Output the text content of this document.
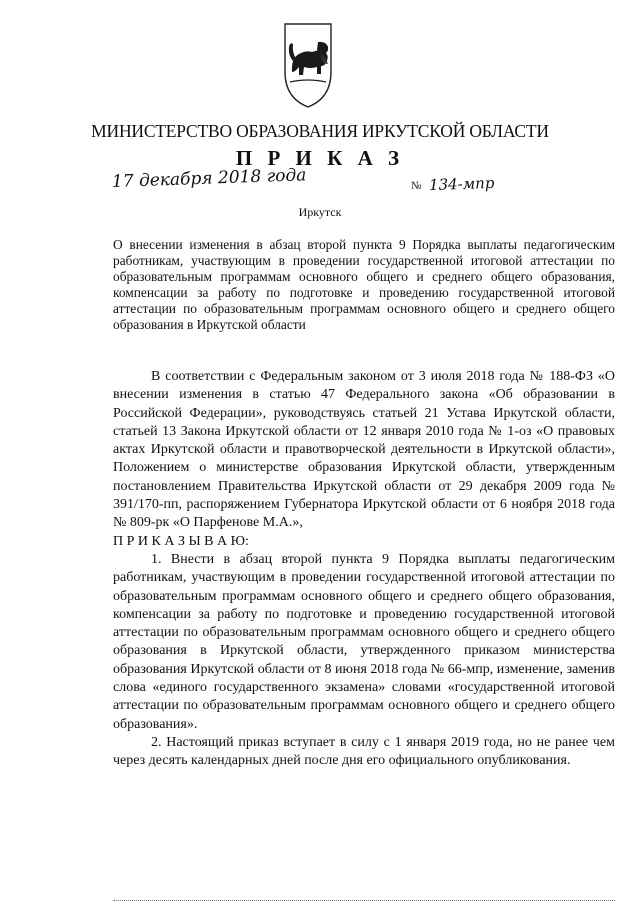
МИНИСТЕРСТВО ОБРАЗОВАНИЯ ИРКУТСКОЙ ОБЛАСТИ
П Р И К А З
17 декабря 2018 года	№ 134-мпр
Иркутск
О внесении изменения в абзац второй пункта 9 Порядка выплаты педагогическим работникам, участвующим в проведении государственной итоговой аттестации по образовательным программам основного общего и среднего общего образования, компенсации за работу по подготовке и проведению государственной итоговой аттестации по образовательным программам основного общего и среднего общего образования в Иркутской области

В соответствии с Федеральным законом от 3 июля 2018 года № 188-ФЗ «О внесении изменения в статью 47 Федерального закона «Об образовании в Российской Федерации», руководствуясь статьей 21 Устава Иркутской области, статьей 13 Закона Иркутской области от 12 января 2010 года № 1-оз «О правовых актах Иркутской области и правотворческой деятельности в Иркутской области», Положением о министерстве образования Иркутской области, утвержденным постановлением Правительства Иркутской области от 29 декабря 2009 года № 391/170-пп, распоряжением Губернатора Иркутской области от 6 ноября 2018 года № 809-рк «О Парфенове М.А.»,

П Р И К А З Ы В А Ю:

1. Внести в абзац второй пункта 9 Порядка выплаты педагогическим работникам, участвующим в проведении государственной итоговой аттестации по образовательным программам основного общего и среднего общего образования, компенсации за работу по подготовке и проведению государственной итоговой аттестации по образовательным программам основного общего и среднего общего образования в Иркутской области, утвержденного приказом министерства образования Иркутской области от 8 июня 2018 года № 66-мпр, изменение, заменив слова «единого государственного экзамена» словами «государственной итоговой аттестации по образовательным программам основного общего и среднего общего образования».

2. Настоящий приказ вступает в силу с 1 января 2019 года, но не ранее чем через десять календарных дней после дня его официального опубликования.
